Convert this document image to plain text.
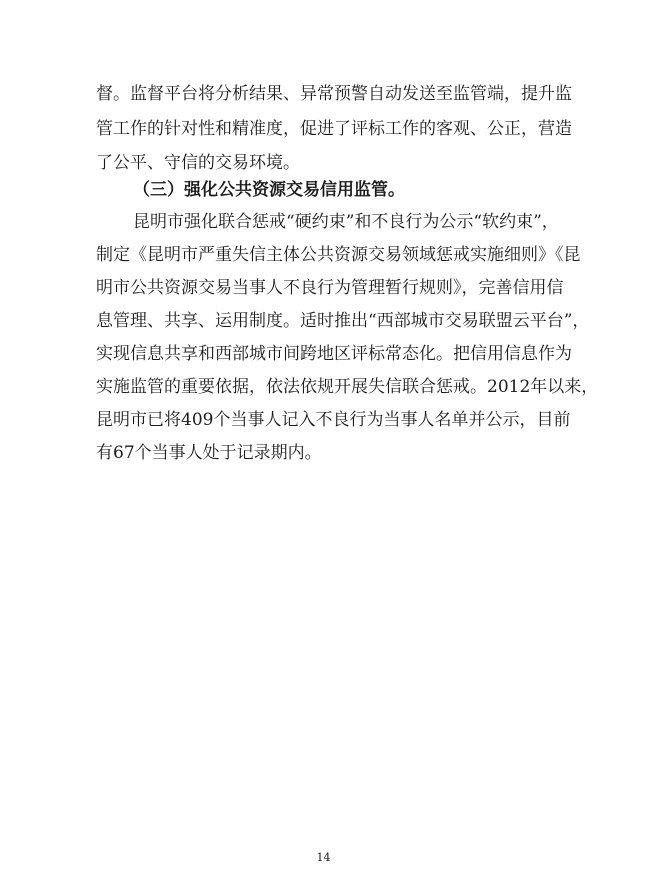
督。监督平台将分析结果、异常预警自动发送至监管端，提升监
管工作的针对性和精准度，促进了评标工作的客观、公正，营造
了公平、守信的交易环境。
（三）强化公共资源交易信用监管。
昆明市强化联合惩戒“硬约束”和不良行为公示“软约束”，
制定《昆明市严重失信主体公共资源交易领域惩戒实施细则》《昆
明市公共资源交易当事人不良行为管理暂行规则》，完善信用信
息管理、共享、运用制度。适时推出“西部城市交易联盟云平台”，
实现信息共享和西部城市间跨地区评标常态化。把信用信息作为
实施监管的重要依据，依法依规开展失信联合惩戒。2012年以来，
昆明市已将409个当事人记入不良行为当事人名单并公示，目前
有67个当事人处于记录期内。
14
